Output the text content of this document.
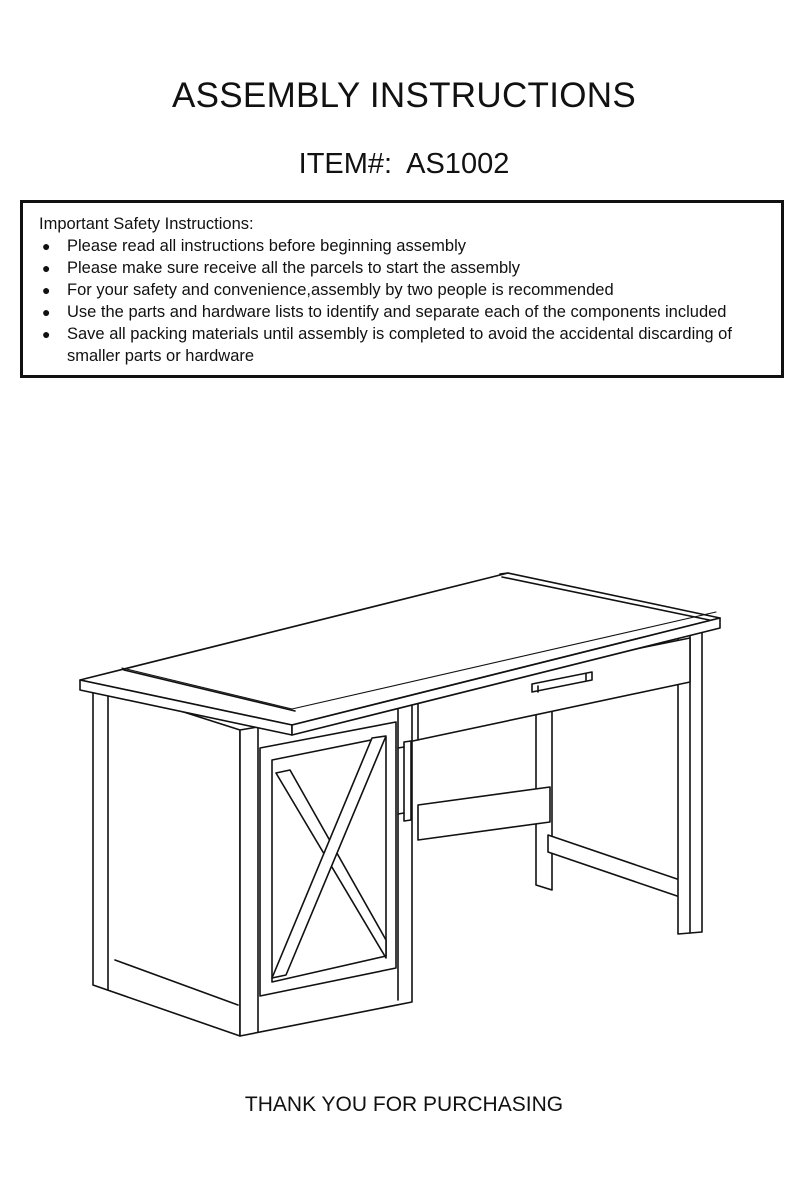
ASSEMBLY INSTRUCTIONS
ITEM#: AS1002
Important Safety Instructions:
● Please read all instructions before beginning assembly
● Please make sure receive all the parcels to start the assembly
● For your safety and convenience,assembly by two people is recommended
● Use the parts and hardware lists to identify and separate each of the components included
● Save all packing materials until assembly is completed to avoid the accidental discarding of smaller parts or hardware
THANK YOU FOR PURCHASING
